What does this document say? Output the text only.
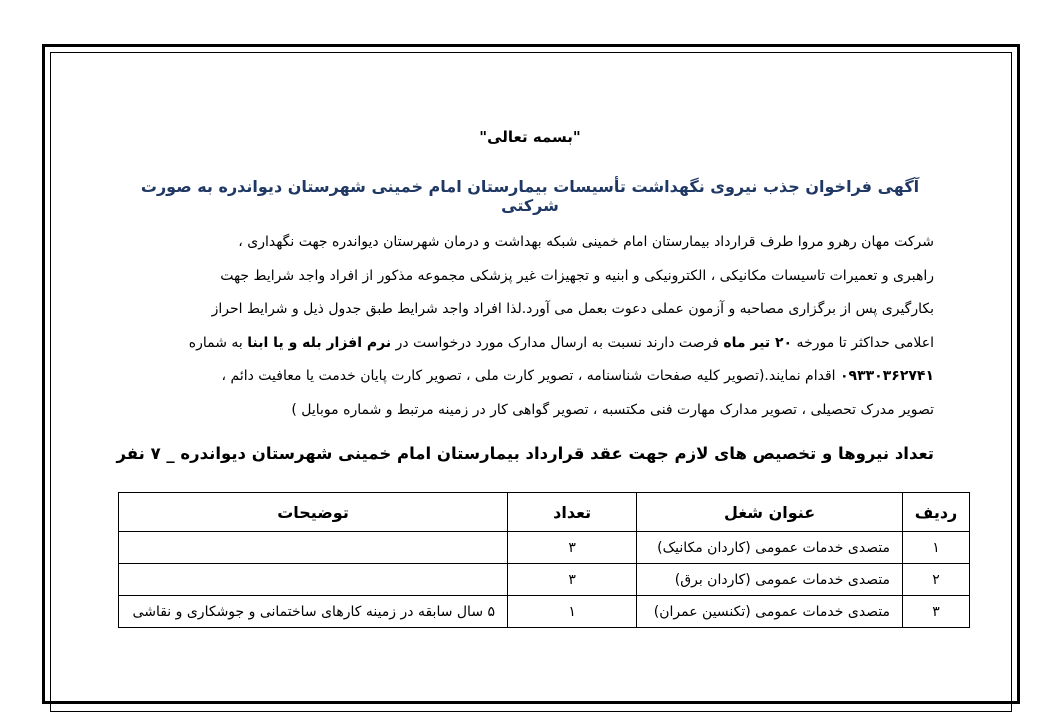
"بسمه تعالی"
آگهی فراخوان جذب نیروی نگهداشت تأسیسات بیمارستان امام خمینی شهرستان دیواندره به صورت شرکتی

شرکت مهان رهرو مروا طرف قرارداد بیمارستان امام خمینی شبکه بهداشت و درمان شهرستان دیواندره جهت نگهداری ،

راهبری و تعمیرات تاسیسات مکانیکی ، الکترونیکی و ابنیه و تجهیزات غیر پزشکی مجموعه مذکور از افراد واجد شرایط جهت

بکارگیری پس از برگزاری مصاحبه و آزمون عملی دعوت بعمل می آورد.لذا افراد واجد شرایط طبق جدول ذیل و شرایط احراز

اعلامی حداکثر تا مورخه ۲۰ تیر ماه فرصت دارند نسبت به ارسال مدارک مورد درخواست در نرم افزار بله و یا ابنا به شماره

۰۹۳۳۰۳۶۲۷۴۱ اقدام نمایند.(تصویر کلیه صفحات شناسنامه ، تصویر کارت ملی ، تصویر کارت پایان خدمت یا معافیت دائم ،

تصویر مدرک تحصیلی ، تصویر مدارک مهارت فنی مکتسبه ، تصویر گواهی کار در زمینه مرتبط و شماره موبایل )

تعداد نیروها و تخصیص های لازم جهت عقد قرارداد بیمارستان امام خمینی شهرستان دیواندره _ ۷ نفر
ردیف	عنوان شغل	تعداد	توضیحات
۱	متصدی خدمات عمومی (کاردان مکانیک)	۳	
۲	متصدی خدمات عمومی (کاردان برق)	۳	
۳	متصدی خدمات عمومی (تکنسین عمران)	۱	۵ سال سابقه در زمینه کارهای ساختمانی و جوشکاری و نقاشی
